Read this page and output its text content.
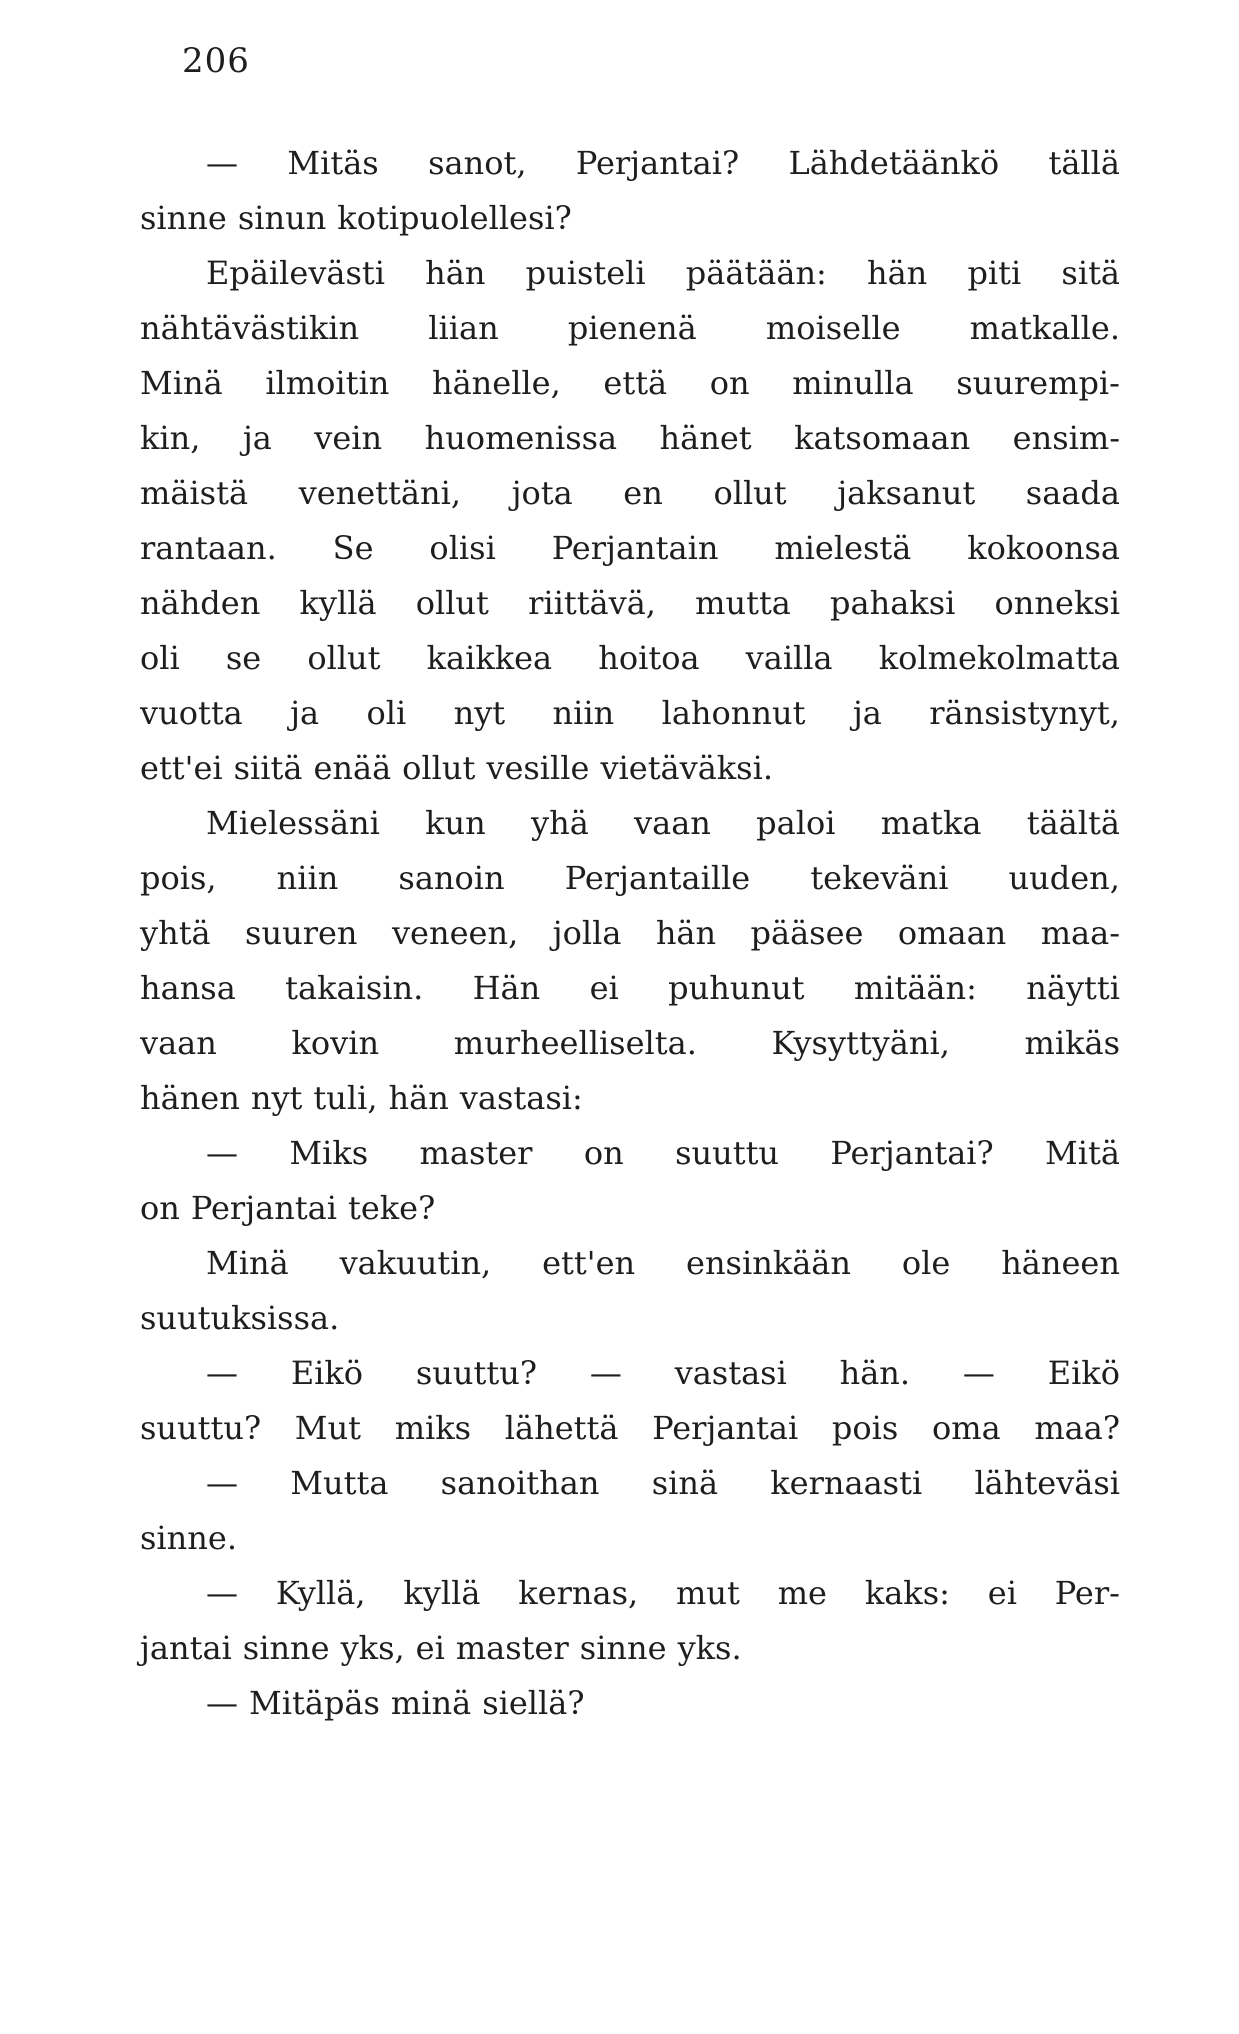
206
— Mitäs sanot, Perjantai? Lähdetäänkö tällä
sinne sinun kotipuolellesi?
Epäilevästi hän puisteli päätään: hän piti sitä
nähtävästikin liian pienenä moiselle matkalle.
Minä ilmoitin hänelle, että on minulla suurempi-
kin, ja vein huomenissa hänet katsomaan ensim-
mäistä venettäni, jota en ollut jaksanut saada
rantaan. Se olisi Perjantain mielestä kokoonsa
nähden kyllä ollut riittävä, mutta pahaksi onneksi
oli se ollut kaikkea hoitoa vailla kolmekolmatta
vuotta ja oli nyt niin lahonnut ja ränsistynyt,
ett'ei siitä enää ollut vesille vietäväksi.
Mielessäni kun yhä vaan paloi matka täältä
pois, niin sanoin Perjantaille tekeväni uuden,
yhtä suuren veneen, jolla hän pääsee omaan maa-
hansa takaisin. Hän ei puhunut mitään: näytti
vaan kovin murheelliselta. Kysyttyäni, mikäs
hänen nyt tuli, hän vastasi:
— Miks master on suuttu Perjantai? Mitä
on Perjantai teke?
Minä vakuutin, ett'en ensinkään ole häneen
suutuksissa.
— Eikö suuttu? — vastasi hän. — Eikö
suuttu? Mut miks lähettä Perjantai pois oma maa?
— Mutta sanoithan sinä kernaasti lähteväsi
sinne.
— Kyllä, kyllä kernas, mut me kaks: ei Per-
jantai sinne yks, ei master sinne yks.
— Mitäpäs minä siellä?
